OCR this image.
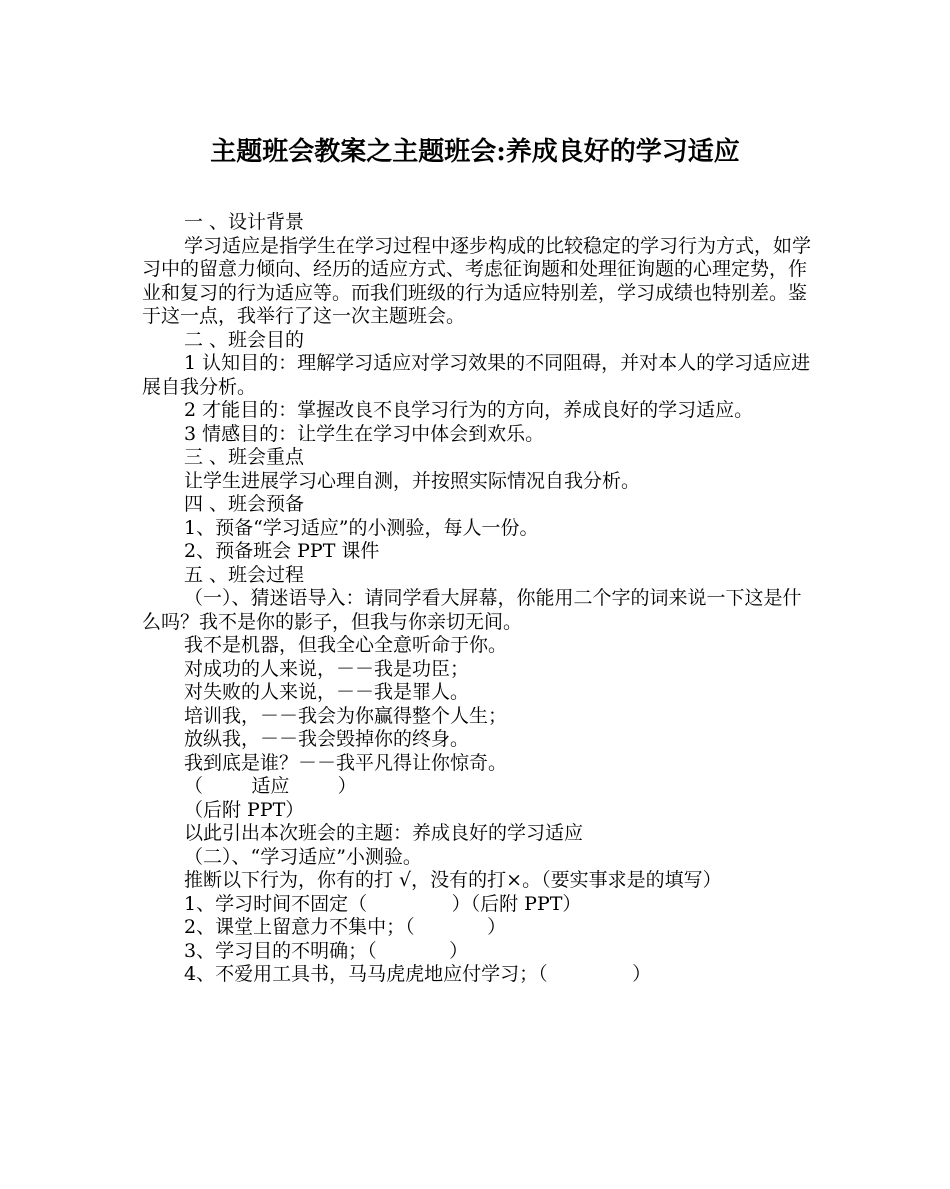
主题班会教案之主题班会:养成良好的学习适应

一 、设计背景

学习适应是指学生在学习过程中逐步构成的比较稳定的学习行为方式，如学习中的留意力倾向、经历的适应方式、考虑征询题和处理征询题的心理定势，作业和复习的行为适应等。而我们班级的行为适应特别差，学习成绩也特别差。鉴于这一点，我举行了这一次主题班会。

二 、班会目的

1 认知目的：理解学习适应对学习效果的不同阻碍，并对本人的学习适应进展自我分析。

2 才能目的：掌握改良不良学习行为的方向，养成良好的学习适应。

3 情感目的：让学生在学习中体会到欢乐。

三 、班会重点

让学生进展学习心理自测，并按照实际情况自我分析。

四 、班会预备

1、预备“学习适应”的小测验，每人一份。

2、预备班会 PPT 课件

五 、班会过程

（一）、猜迷语导入：请同学看大屏幕，你能用二个字的词来说一下这是什么吗？我不是你的影子，但我与你亲切无间。

我不是机器，但我全心全意听命于你。

对成功的人来说，－－我是功臣；

对失败的人来说，－－我是罪人。

培训我，－－我会为你赢得整个人生；

放纵我，－－我会毁掉你的终身。

我到底是谁？－－我平凡得让你惊奇。

（        适应        ）

（后附 PPT）

以此引出本次班会的主题：养成良好的学习适应

（二）、“学习适应”小测验。

推断以下行为，你有的打 √，没有的打×。（要实事求是的填写）

1、学习时间不固定（              ）（后附 PPT）

2、课堂上留意力不集中；（            ）

3、学习目的不明确；（            ）

4、不爱用工具书，马马虎虎地应付学习；（              ）
